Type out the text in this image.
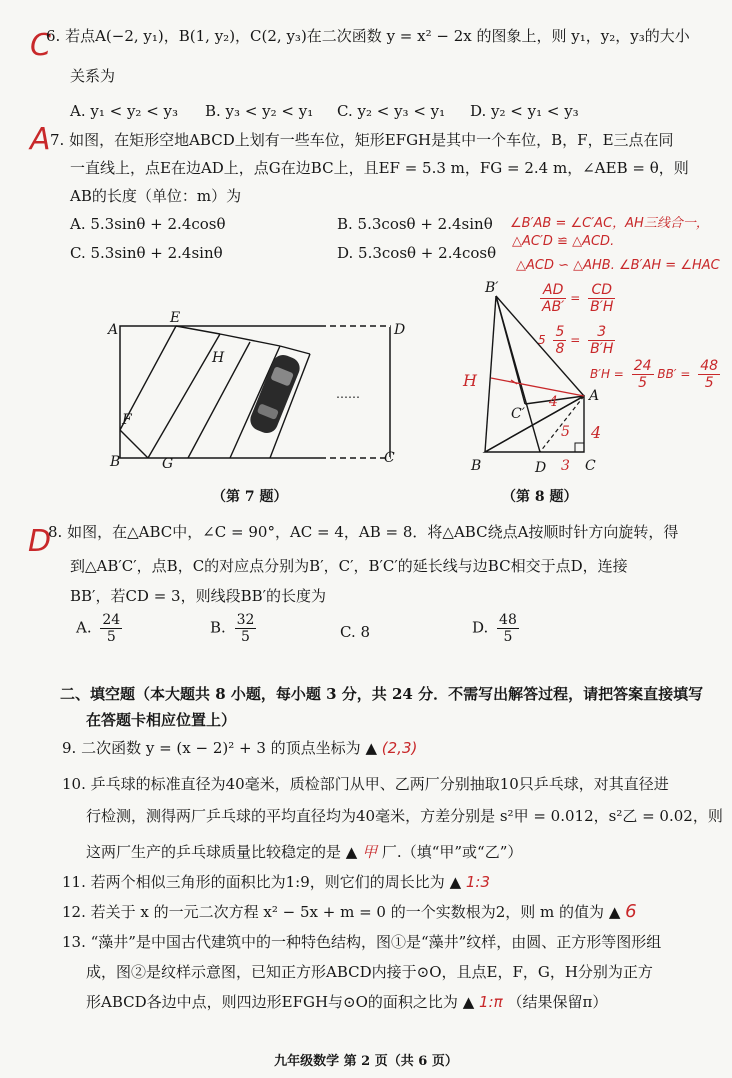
C
6. 若点A(−2, y₁)，B(1, y₂)，C(2, y₃)在二次函数 y = x² − 2x 的图象上，则 y₁，y₂，y₃的大小
关系为
A. y₁ < y₂ < y₃ B. y₃ < y₂ < y₁ C. y₂ < y₃ < y₁ D. y₂ < y₁ < y₃
A 7. 如图，在矩形空地ABCD上划有一些车位，矩形EFGH是其中一个车位，B，F，E三点在同
一直线上，点E在边AD上，点G在边BC上，且EF = 5.3 m，FG = 2.4 m，∠AEB = θ，则
AB的长度（单位：m）为
A. 5.3sinθ + 2.4cosθ	B. 5.3cosθ + 2.4sinθ
C. 5.3sinθ + 2.4sinθ	D. 5.3cosθ + 2.4cosθ
∠B′AB = ∠C′AC，AH三线合一，
△AC′D ≌ △ACD.
△ACD ∽ △AHB. ∠B′AH = ∠HAC
$\frac{AD}{AB'} = \frac{CD}{B'H}$
$5 \frac{5}{8} = \frac{3}{B'H}$
$B'H = \frac{24}{5} BB' = \frac{48}{5}$
……
A
E
H
F
D
B	G	C
（第 7 题）
B′
A
C′
B	D	C
H
4
4
5
3
（第 8 题）
D
8. 如图，在△ABC中，∠C = 90°，AC = 4，AB = 8．将△ABC绕点A按顺时针方向旋转，得
到△AB′C′，点B，C的对应点分别为B′，C′，B′C′的延长线与边BC相交于点D，连接
BB′，若CD = 3，则线段BB′的长度为
A. $\frac{24}{5}$	B. $\frac{32}{5}$	C. 8	D. $\frac{48}{5}$
二、填空题（本大题共 8 小题，每小题 3 分，共 24 分．不需写出解答过程，请把答案直接填写
在答题卡相应位置上）
9. 二次函数 y = (x − 2)² + 3 的顶点坐标为 ▲ (2,3)
10. 乒乓球的标准直径为40毫米，质检部门从甲、乙两厂分别抽取10只乒乓球，对其直径进
行检测，测得两厂乒乓球的平均直径均为40毫米，方差分别是 s²甲 = 0.012，s²乙 = 0.02，则
这两厂生产的乒乓球质量比较稳定的是 ▲ 甲 厂.（填“甲”或“乙”）
11. 若两个相似三角形的面积比为1:9，则它们的周长比为 ▲ 1:3
12. 若关于 x 的一元二次方程 x² − 5x + m = 0 的一个实数根为2，则 m 的值为 ▲ 6
13. “藻井”是中国古代建筑中的一种特色结构，图①是“藻井”纹样，由圆、正方形等图形组
成，图②是纹样示意图，已知正方形ABCD内接于⊙O，且点E，F，G，H分别为正方
形ABCD各边中点，则四边形EFGH与⊙O的面积之比为 ▲ 1:π （结果保留π）
九年级数学 第 2 页（共 6 页）
